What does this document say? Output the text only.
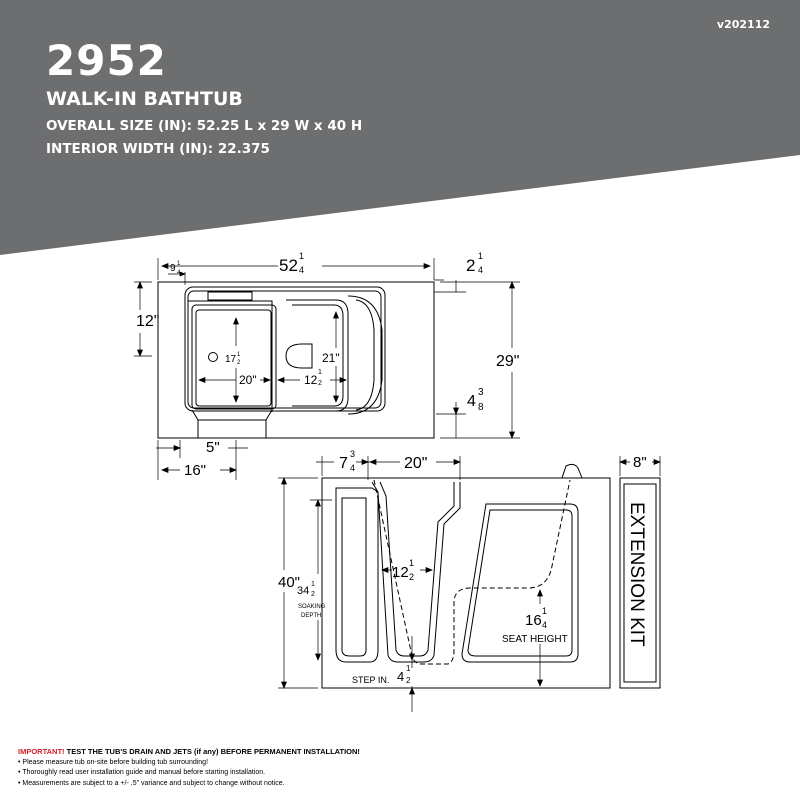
v202112
2952
WALK-IN BATHTUB
OVERALL SIZE (IN): 52.25 L x 29 W x 40 H
INTERIOR WIDTH (IN): 22.375
52 1
4
9 1
4	2 1
4
12"
17 1
2
20"	12
1
2
21"	29"
4
3
8
5"
16"	7
3
4	20"
40"
34
1
2
SOAKING
DEPTH
12
1
2
16
1
4
SEAT HEIGHT
STEP IN. 4
1
2
8"
EXTENSION KIT
IMPORTANT! TEST THE TUB'S DRAIN AND JETS (if any) BEFORE PERMANENT INSTALLATION!
• Please measure tub on-site before building tub surrounding!
• Thoroughly read user installation guide and manual before starting installation.
• Measurements are subject to a +/- .5" variance and subject to change without notice.
